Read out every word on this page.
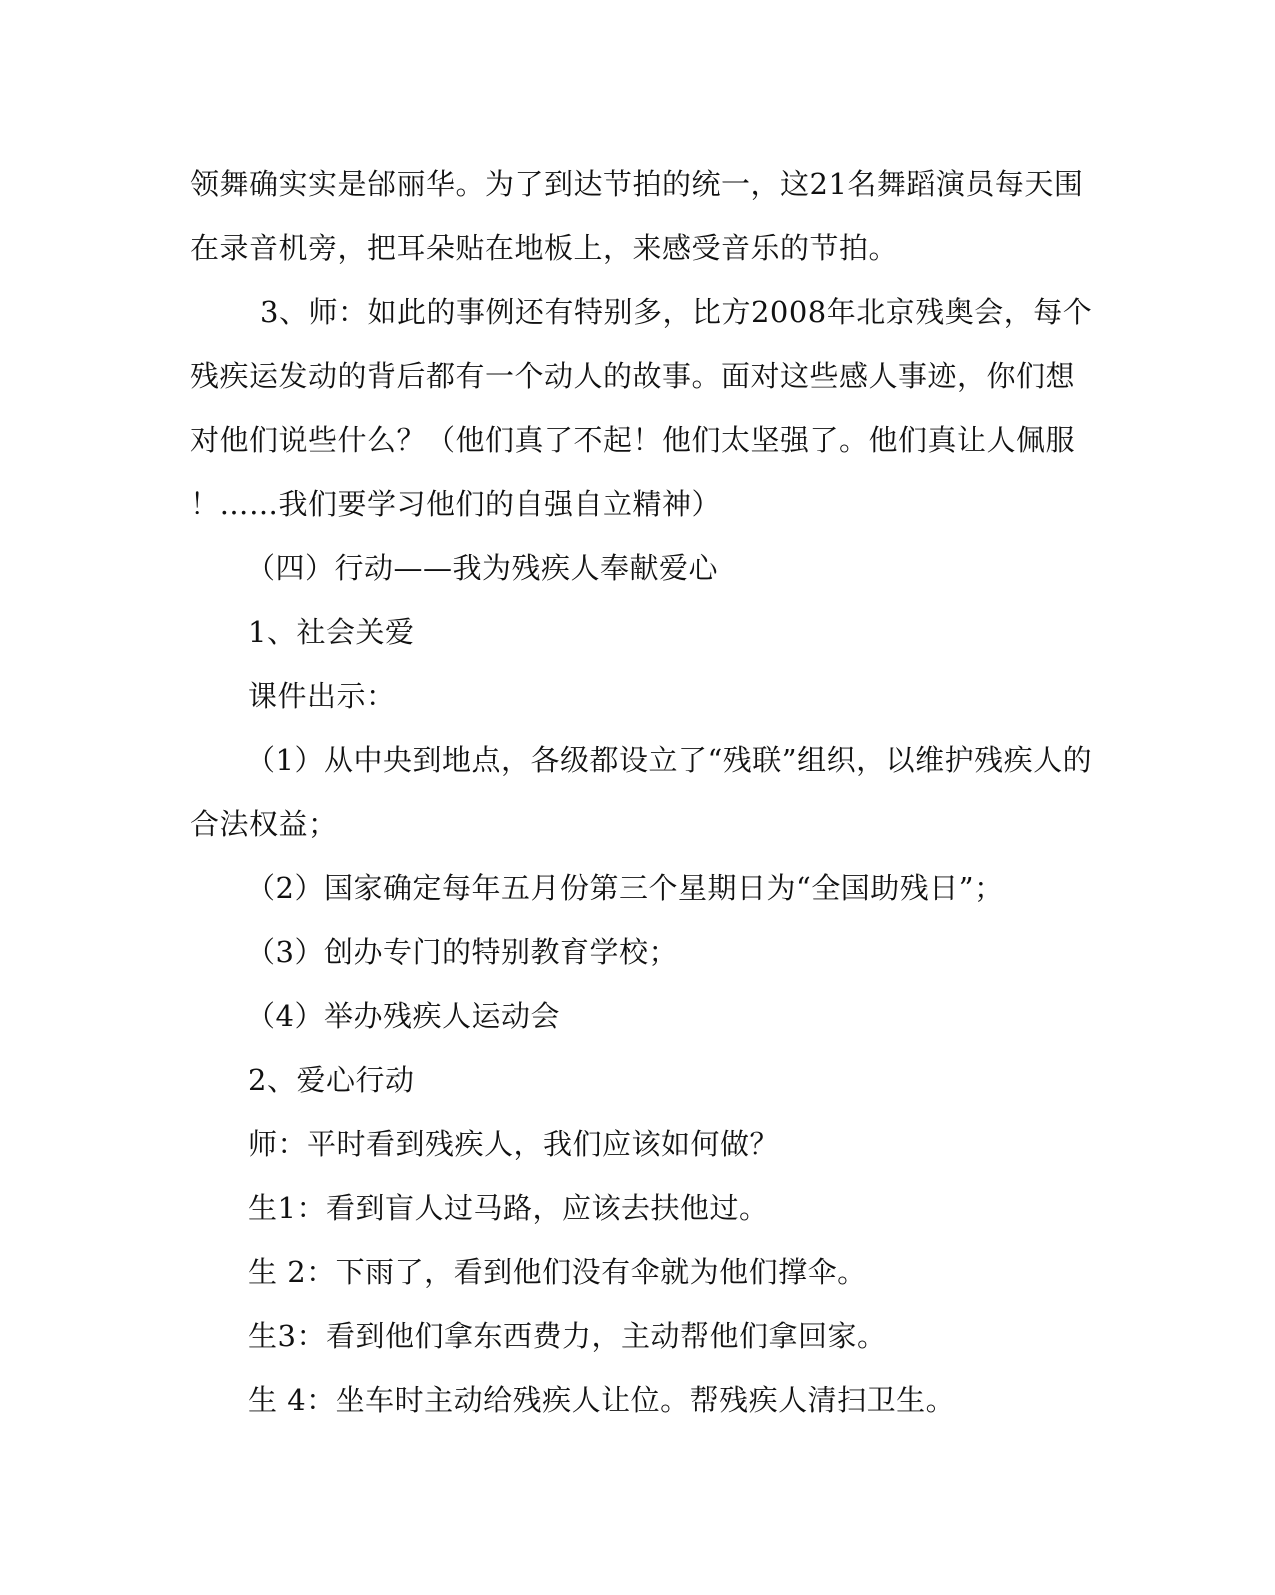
领舞确实实是邰丽华。为了到达节拍的统一，这21名舞蹈演员每天围
在录音机旁，把耳朵贴在地板上，来感受音乐的节拍。
3、师：如此的事例还有特别多，比方2008年北京残奥会，每个
残疾运发动的背后都有一个动人的故事。面对这些感人事迹，你们想
对他们说些什么？（他们真了不起！他们太坚强了。他们真让人佩服
！……我们要学习他们的自强自立精神）
（四）行动——我为残疾人奉献爱心
1、社会关爱
课件出示：
（1）从中央到地点，各级都设立了“残联”组织，以维护残疾人的
合法权益；
（2）国家确定每年五月份第三个星期日为“全国助残日”；
（3）创办专门的特别教育学校；
（4）举办残疾人运动会
2、爱心行动
师：平时看到残疾人，我们应该如何做？
生1：看到盲人过马路，应该去扶他过。
生 2：下雨了，看到他们没有伞就为他们撑伞。
生3：看到他们拿东西费力，主动帮他们拿回家。
生 4：坐车时主动给残疾人让位。帮残疾人清扫卫生。
